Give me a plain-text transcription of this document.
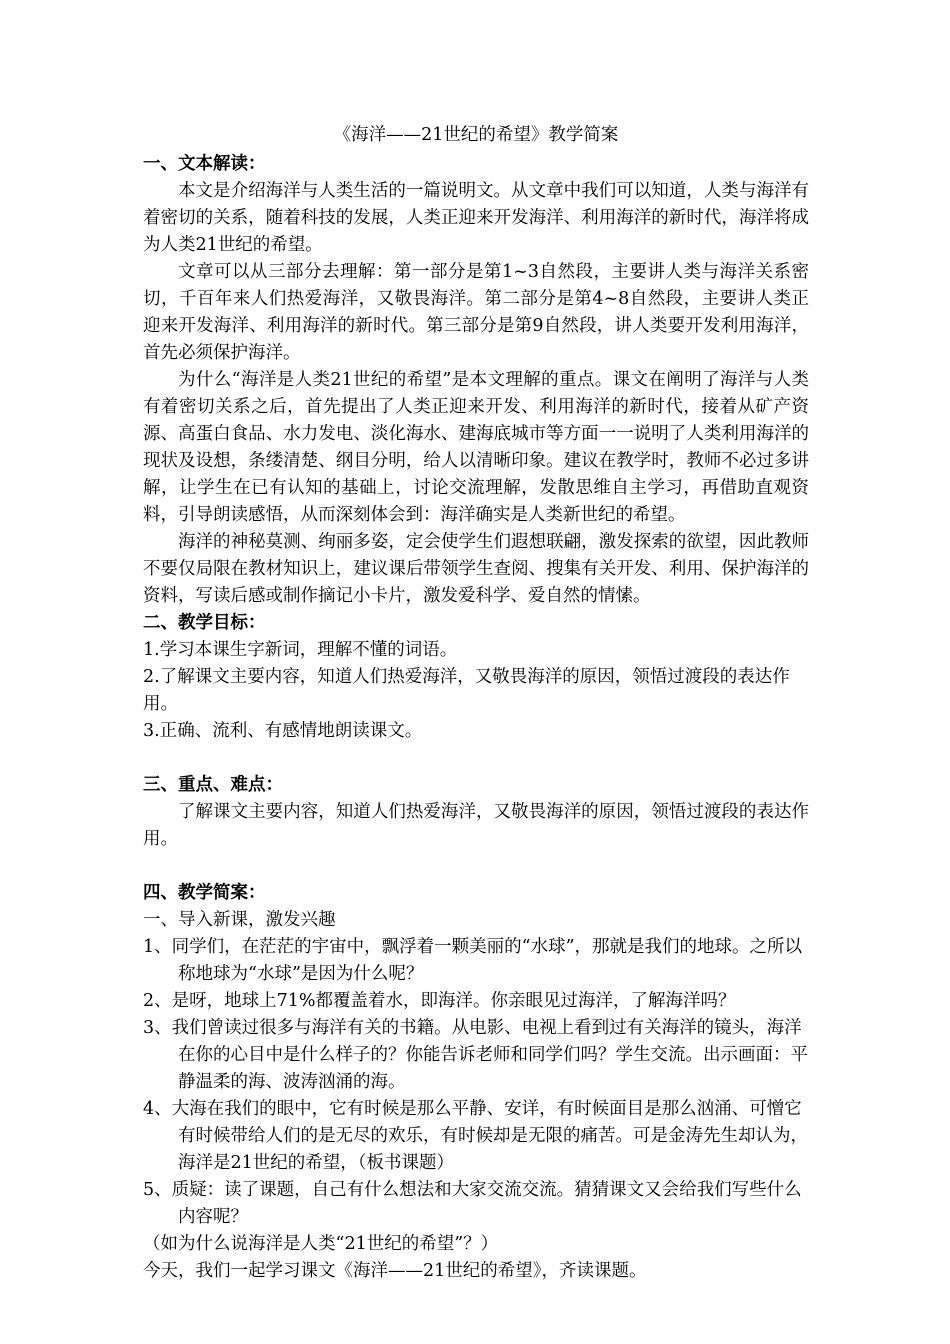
《海洋——21世纪的希望》教学简案

一、文本解读：

本文是介绍海洋与人类生活的一篇说明文。从文章中我们可以知道，人类与海洋有着密切的关系，随着科技的发展，人类正迎来开发海洋、利用海洋的新时代，海洋将成为人类21世纪的希望。

文章可以从三部分去理解：第一部分是第1~3自然段，主要讲人类与海洋关系密切，千百年来人们热爱海洋，又敬畏海洋。第二部分是第4~8自然段，主要讲人类正迎来开发海洋、利用海洋的新时代。第三部分是第9自然段，讲人类要开发利用海洋，首先必须保护海洋。

为什么“海洋是人类21世纪的希望”是本文理解的重点。课文在阐明了海洋与人类有着密切关系之后，首先提出了人类正迎来开发、利用海洋的新时代，接着从矿产资源、高蛋白食品、水力发电、淡化海水、建海底城市等方面一一说明了人类利用海洋的现状及设想，条缕清楚、纲目分明，给人以清晰印象。建议在教学时，教师不必过多讲解，让学生在已有认知的基础上，讨论交流理解，发散思维自主学习，再借助直观资料，引导朗读感悟，从而深刻体会到：海洋确实是人类新世纪的希望。

海洋的神秘莫测、绚丽多姿，定会使学生们遐想联翩，激发探索的欲望，因此教师不要仅局限在教材知识上，建议课后带领学生查阅、搜集有关开发、利用、保护海洋的资料，写读后感或制作摘记小卡片，激发爱科学、爱自然的情愫。

二、教学目标：

1.学习本课生字新词，理解不懂的词语。

2.了解课文主要内容，知道人们热爱海洋，又敬畏海洋的原因，领悟过渡段的表达作用。

3.正确、流利、有感情地朗读课文。

三、重点、难点：

了解课文主要内容，知道人们热爱海洋，又敬畏海洋的原因，领悟过渡段的表达作用。

四、教学简案：

一、导入新课，激发兴趣

1、同学们，在茫茫的宇宙中，飘浮着一颗美丽的“水球”，那就是我们的地球。之所以称地球为“水球”是因为什么呢？

2、是呀，地球上71%都覆盖着水，即海洋。你亲眼见过海洋，了解海洋吗？

3、我们曾读过很多与海洋有关的书籍。从电影、电视上看到过有关海洋的镜头，海洋在你的心目中是什么样子的？你能告诉老师和同学们吗？学生交流。出示画面：平静温柔的海、波涛汹涌的海。

4、大海在我们的眼中，它有时候是那么平静、安详，有时候面目是那么汹涌、可憎它有时候带给人们的是无尽的欢乐，有时候却是无限的痛苦。可是金涛先生却认为，海洋是21世纪的希望，（板书课题）

5、质疑：读了课题，自己有什么想法和大家交流交流。猜猜课文又会给我们写些什么内容呢？

（如为什么说海洋是人类“21世纪的希望”？）

今天，我们一起学习课文《海洋——21世纪的希望》，齐读课题。
